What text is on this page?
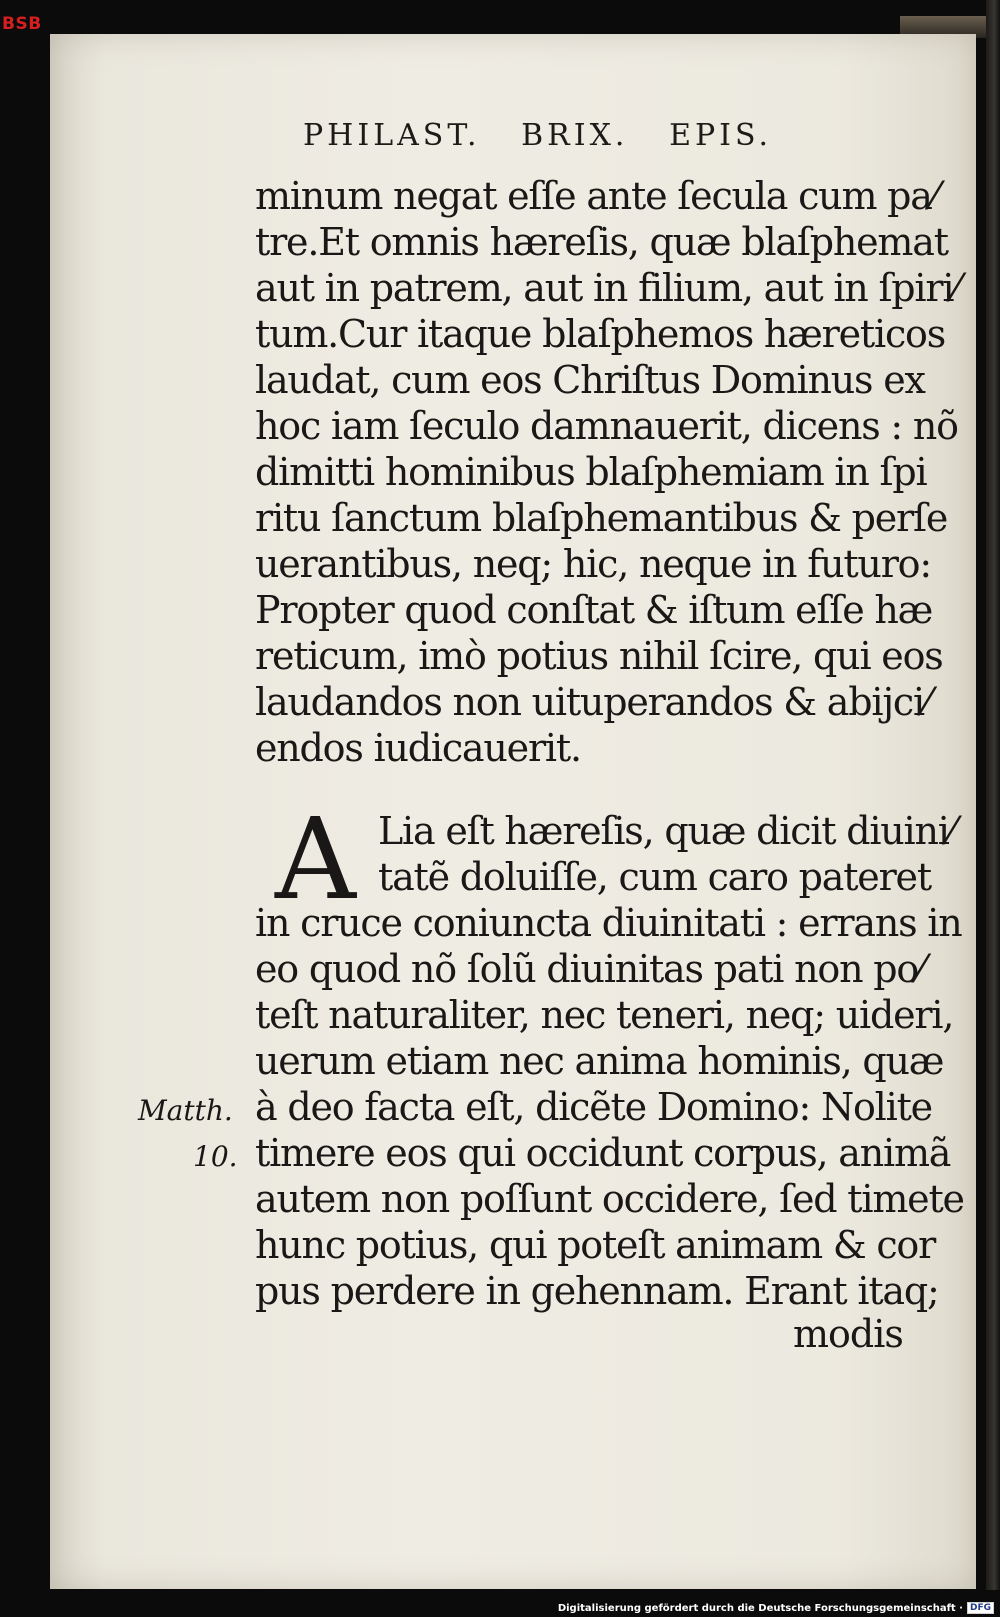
BSB
PHILAST.   BRIX.   EPIS.
minum negat eſſe ante ſecula cum pa⁄
tre.Et omnis hæreſis, quæ blaſphemat
aut in patrem, aut in filium, aut in ſpiri⁄
tum.Cur itaque blaſphemos hæreticos
laudat, cum eos Chriſtus Dominus ex
hoc iam ſeculo damnauerit, dicens : nõ
dimitti hominibus blaſphemiam in ſpi
ritu ſanctum blaſphemantibus & perſe
uerantibus, neq; hic, neque in futuro:
Propter quod conſtat & iſtum eſſe hæ
reticum, imò potius nihil ſcire, qui eos
laudandos non uituperandos & abijci⁄
endos iudicauerit.
A Lia eſt hæreſis, quæ dicit diuini⁄
tatẽ doluiſſe, cum caro pateret
in cruce coniuncta diuinitati : errans in
eo quod nõ ſolũ diuinitas pati non po⁄
teſt naturaliter, nec teneri, neq; uideri,
uerum etiam nec anima hominis, quæ
à deo facta eſt, dicẽte Domino: Nolite
timere eos qui occidunt corpus, animã
autem non poſſunt occidere, ſed timete
hunc potius, qui poteſt animam & cor
pus perdere in gehennam. Erant itaq;
Matth.
10.
modis
Digitalisierung gefördert durch die Deutsche Forschungsgemeinschaft · DFG
